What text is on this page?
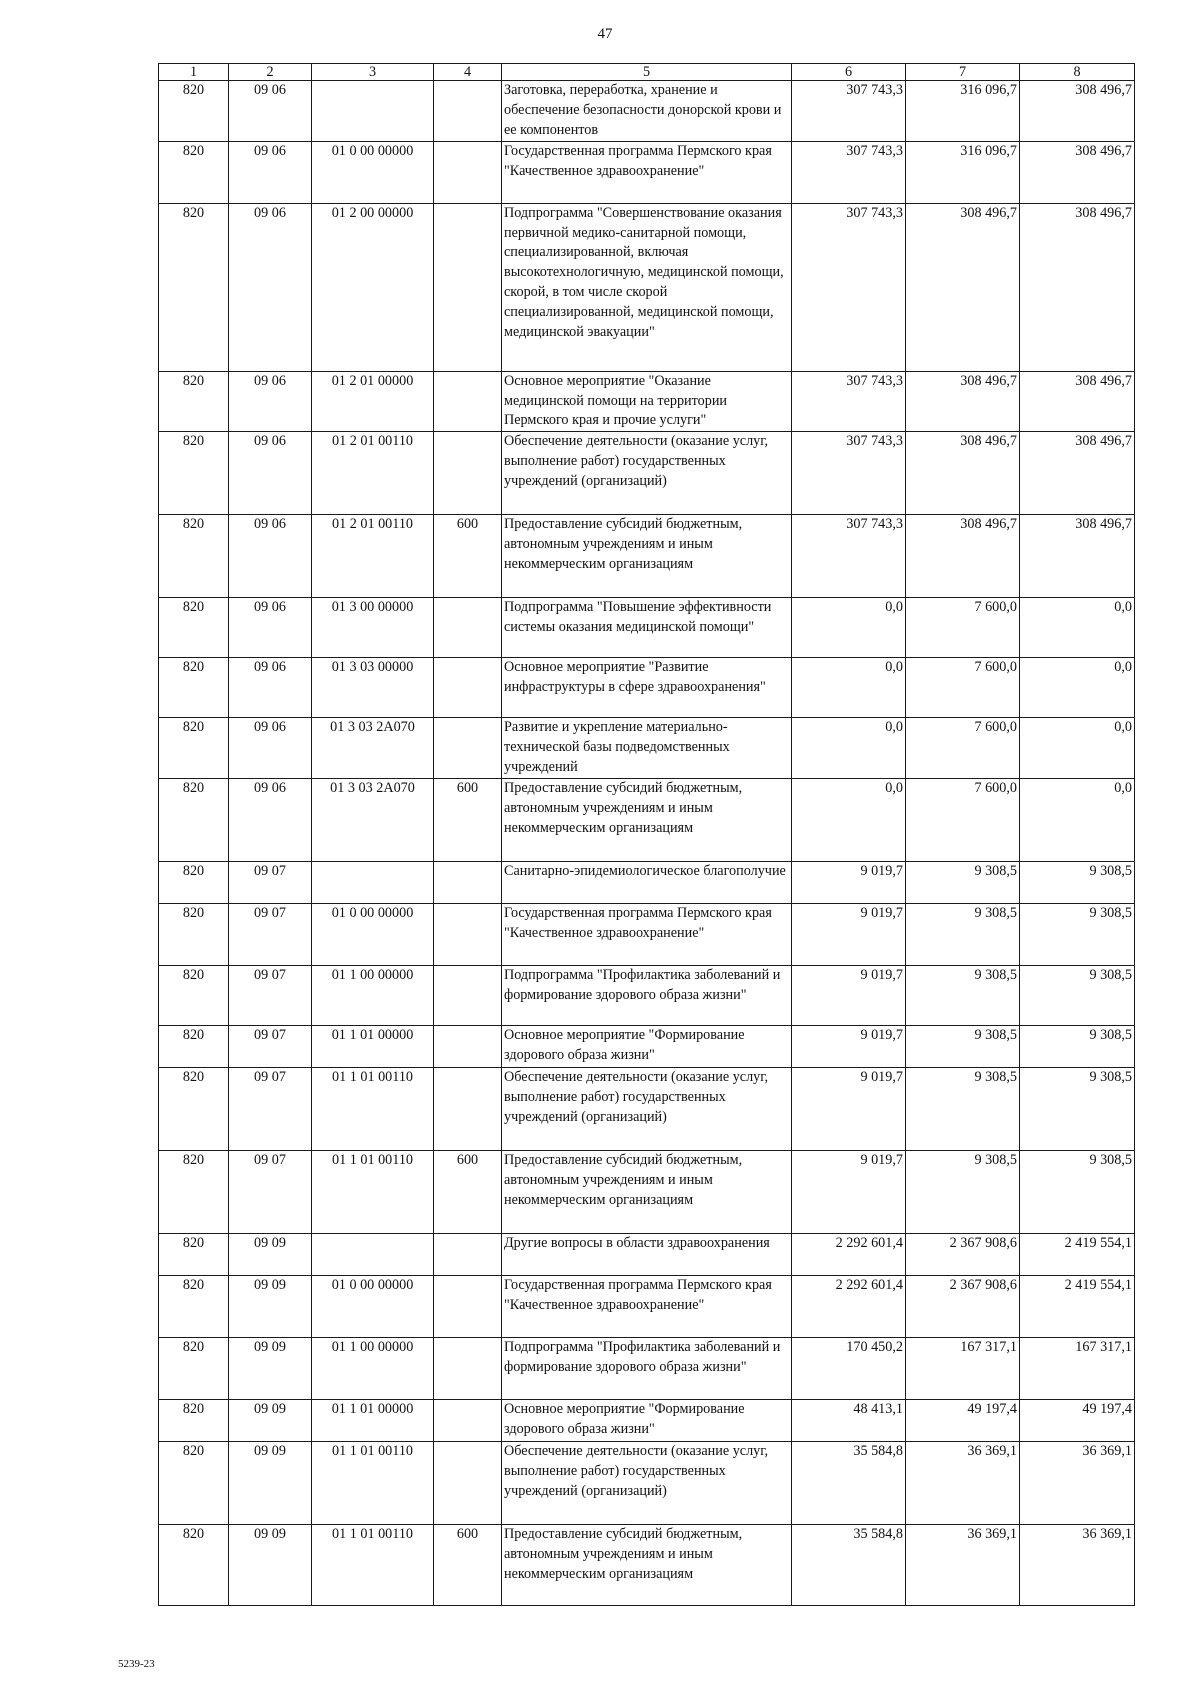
47
1	2	3	4	5	6	7	8
820	09 06			Заготовка, переработка, хранение и обеспечение безопасности донорской крови и ее компонентов	307 743,3	316 096,7	308 496,7
820	09 06	01 0 00 00000		Государственная программа Пермского края "Качественное здравоохранение"	307 743,3	316 096,7	308 496,7
820	09 06	01 2 00 00000		Подпрограмма "Совершенствование оказания первичной медико-санитарной помощи, специализированной, включая высокотехнологичную, медицинской помощи, скорой, в том числе скорой специализированной, медицинской помощи, медицинской эвакуации"	307 743,3	308 496,7	308 496,7
820	09 06	01 2 01 00000		Основное мероприятие "Оказание медицинской помощи на территории Пермского края и прочие услуги"	307 743,3	308 496,7	308 496,7
820	09 06	01 2 01 00110		Обеспечение деятельности (оказание услуг, выполнение работ) государственных учреждений (организаций)	307 743,3	308 496,7	308 496,7
820	09 06	01 2 01 00110	600	Предоставление субсидий бюджетным, автономным учреждениям и иным некоммерческим организациям	307 743,3	308 496,7	308 496,7
820	09 06	01 3 00 00000		Подпрограмма "Повышение эффективности системы оказания медицинской помощи"	0,0	7 600,0	0,0
820	09 06	01 3 03 00000		Основное мероприятие "Развитие инфраструктуры в сфере здравоохранения"	0,0	7 600,0	0,0
820	09 06	01 3 03 2А070		Развитие и укрепление материально-технической базы подведомственных учреждений	0,0	7 600,0	0,0
820	09 06	01 3 03 2А070	600	Предоставление субсидий бюджетным, автономным учреждениям и иным некоммерческим организациям	0,0	7 600,0	0,0
820	09 07			Санитарно-эпидемиологическое благополучие	9 019,7	9 308,5	9 308,5
820	09 07	01 0 00 00000		Государственная программа Пермского края "Качественное здравоохранение"	9 019,7	9 308,5	9 308,5
820	09 07	01 1 00 00000		Подпрограмма "Профилактика заболеваний и формирование здорового образа жизни"	9 019,7	9 308,5	9 308,5
820	09 07	01 1 01 00000		Основное мероприятие "Формирование здорового образа жизни"	9 019,7	9 308,5	9 308,5
820	09 07	01 1 01 00110		Обеспечение деятельности (оказание услуг, выполнение работ) государственных учреждений (организаций)	9 019,7	9 308,5	9 308,5
820	09 07	01 1 01 00110	600	Предоставление субсидий бюджетным, автономным учреждениям и иным некоммерческим организациям	9 019,7	9 308,5	9 308,5
820	09 09			Другие вопросы в области здравоохранения	2 292 601,4	2 367 908,6	2 419 554,1
820	09 09	01 0 00 00000		Государственная программа Пермского края "Качественное здравоохранение"	2 292 601,4	2 367 908,6	2 419 554,1
820	09 09	01 1 00 00000		Подпрограмма "Профилактика заболеваний и формирование здорового образа жизни"	170 450,2	167 317,1	167 317,1
820	09 09	01 1 01 00000		Основное мероприятие "Формирование здорового образа жизни"	48 413,1	49 197,4	49 197,4
820	09 09	01 1 01 00110		Обеспечение деятельности (оказание услуг, выполнение работ) государственных учреждений (организаций)	35 584,8	36 369,1	36 369,1
820	09 09	01 1 01 00110	600	Предоставление субсидий бюджетным, автономным учреждениям и иным некоммерческим организациям	35 584,8	36 369,1	36 369,1
5239-23
